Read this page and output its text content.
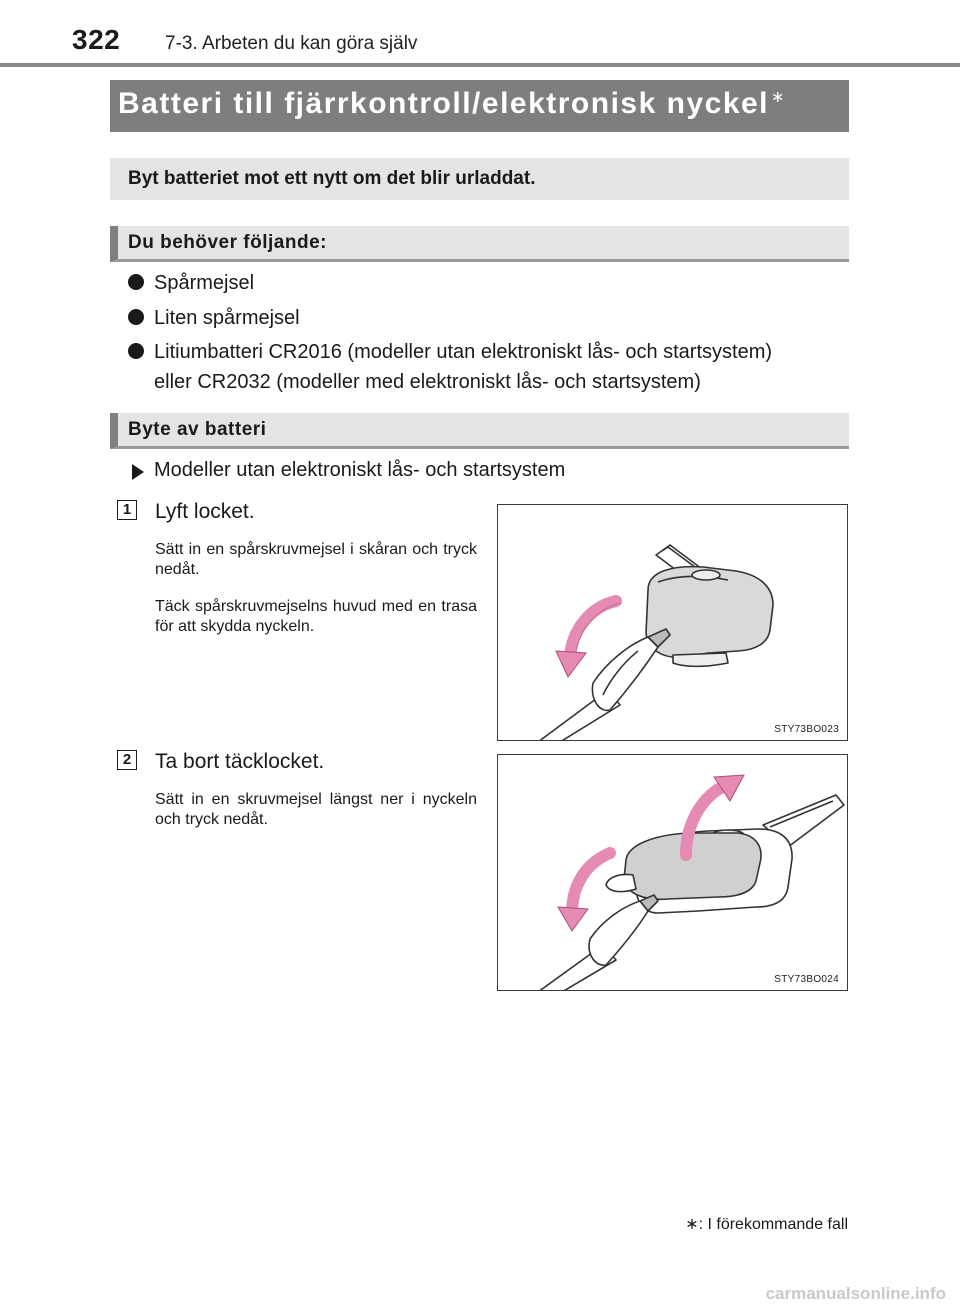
322 7-3. Arbeten du kan göra själv
Batteri till fjärrkontroll/elektronisk nyckel ∗
Byt batteriet mot ett nytt om det blir urladdat.
Du behöver följande:
Spårmejsel
Liten spårmejsel
Litiumbatteri CR2016 (modeller utan elektroniskt lås- och startsystem)
eller CR2032 (modeller med elektroniskt lås- och startsystem)
Byte av batteri
Modeller utan elektroniskt lås- och startsystem
1 Lyft locket.
Sätt in en spårskruvmejsel i skåran och tryck nedåt.
Täck spårskruvmejselns huvud med en trasa för att skydda nyckeln.
STY73BO023
2 Ta bort täcklocket.
Sätt in en skruvmejsel längst ner i nyckeln och tryck nedåt.
STY73BO024
∗: I förekommande fall
carmanualsonline.info
